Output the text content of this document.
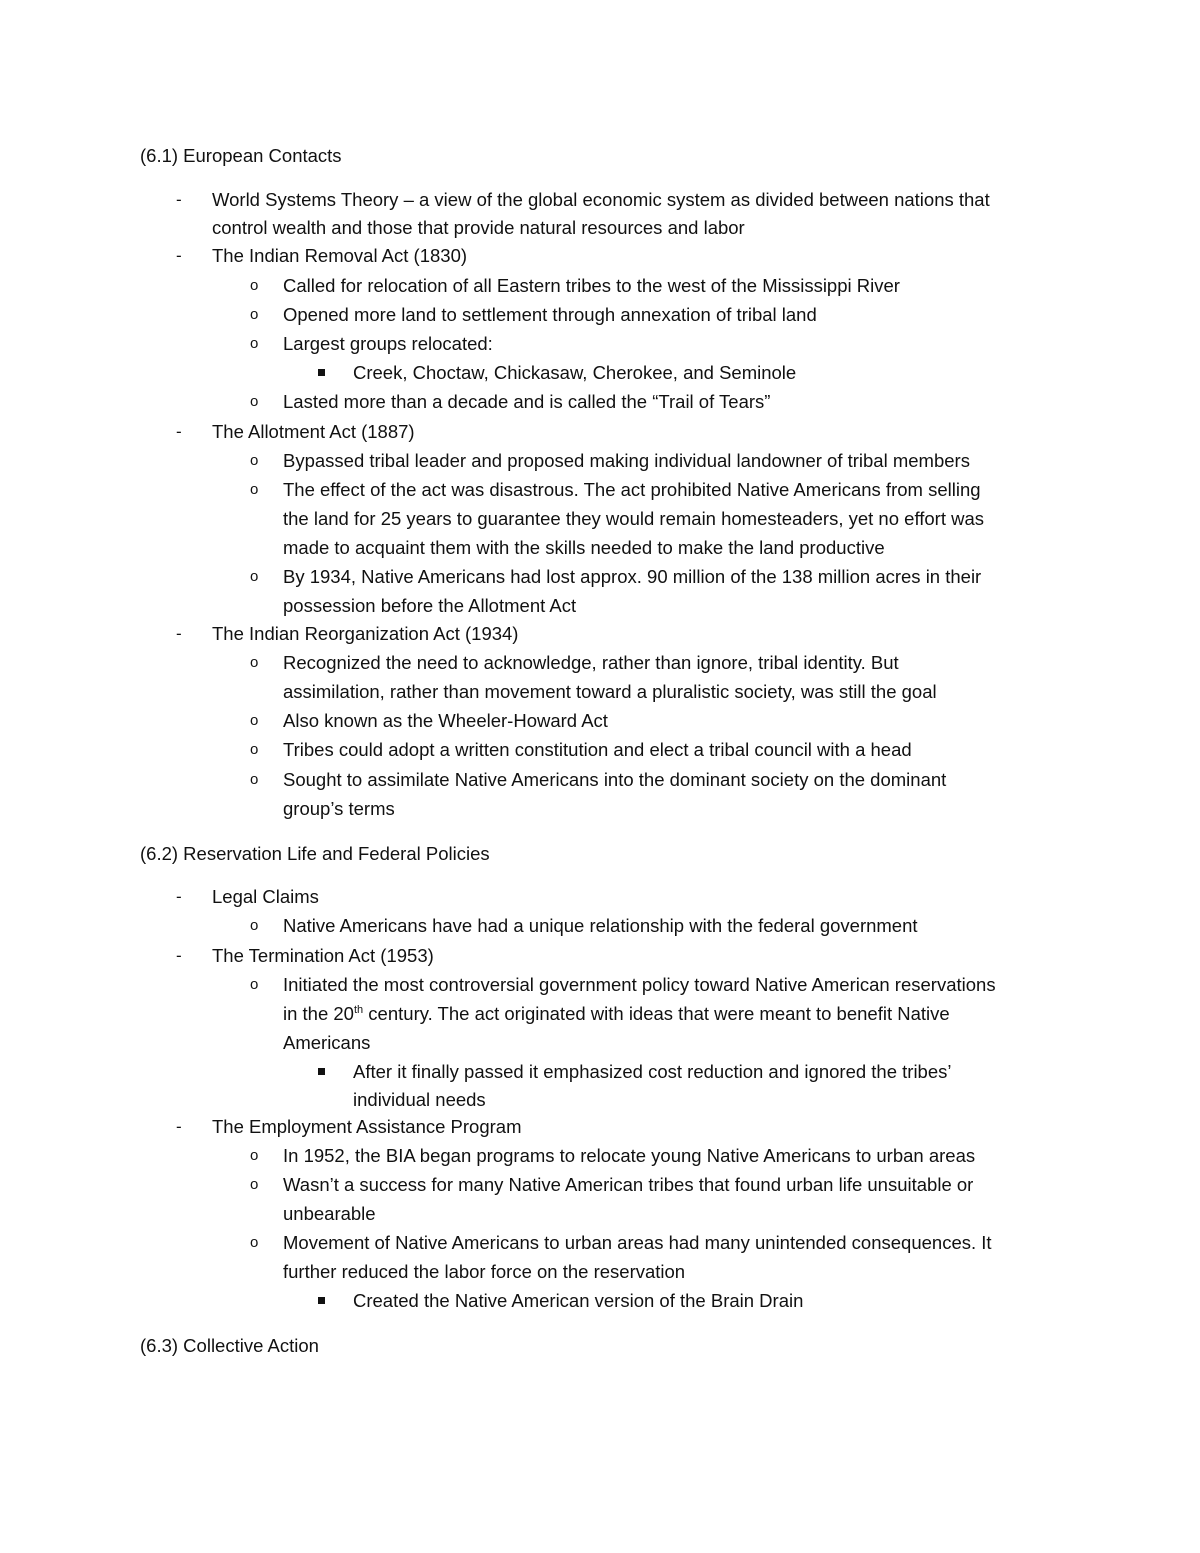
(6.1) European Contacts
- World Systems Theory – a view of the global economic system as divided between nations that
control wealth and those that provide natural resources and labor
- The Indian Removal Act (1830)
o Called for relocation of all Eastern tribes to the west of the Mississippi River
o Opened more land to settlement through annexation of tribal land
o Largest groups relocated:
Creek, Choctaw, Chickasaw, Cherokee, and Seminole
o Lasted more than a decade and is called the “Trail of Tears”
- The Allotment Act (1887)
o Bypassed tribal leader and proposed making individual landowner of tribal members
o The effect of the act was disastrous. The act prohibited Native Americans from selling
the land for 25 years to guarantee they would remain homesteaders, yet no effort was
made to acquaint them with the skills needed to make the land productive
o By 1934, Native Americans had lost approx. 90 million of the 138 million acres in their
possession before the Allotment Act
- The Indian Reorganization Act (1934)
o Recognized the need to acknowledge, rather than ignore, tribal identity. But
assimilation, rather than movement toward a pluralistic society, was still the goal
o Also known as the Wheeler-Howard Act
o Tribes could adopt a written constitution and elect a tribal council with a head
o Sought to assimilate Native Americans into the dominant society on the dominant
group’s terms
(6.2) Reservation Life and Federal Policies
- Legal Claims
o Native Americans have had a unique relationship with the federal government
- The Termination Act (1953)
o Initiated the most controversial government policy toward Native American reservations
in the 20th century. The act originated with ideas that were meant to benefit Native
Americans
After it finally passed it emphasized cost reduction and ignored the tribes’
individual needs
- The Employment Assistance Program
o In 1952, the BIA began programs to relocate young Native Americans to urban areas
o Wasn’t a success for many Native American tribes that found urban life unsuitable or
unbearable
o Movement of Native Americans to urban areas had many unintended consequences. It
further reduced the labor force on the reservation
Created the Native American version of the Brain Drain
(6.3) Collective Action
